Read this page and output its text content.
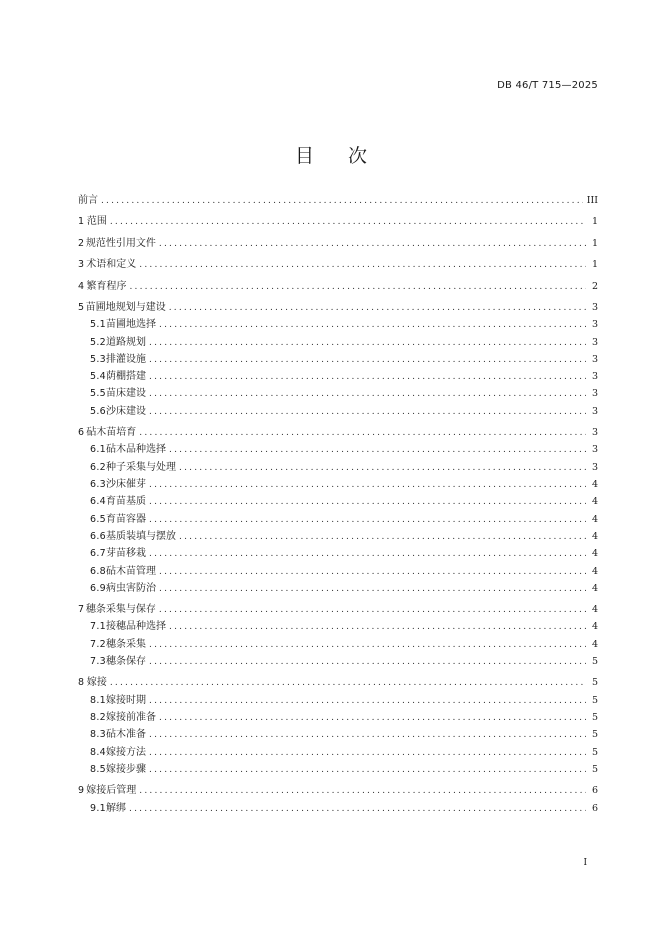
DB 46/T 715—2025
目 次
前言 .....	III
1 范围 .....	1
2 规范性引用文件 .....	1
3 术语和定义 .....	1
4 繁育程序 .....	2
5 苗圃地规划与建设 .....	3
5.1 苗圃地选择 .....	3
5.2 道路规划 .....	3
5.3 排灌设施 .....	3
5.4 荫棚搭建 .....	3
5.5 苗床建设 .....	3
5.6 沙床建设 .....	3
6 砧木苗培育 .....	3
6.1 砧木品种选择 .....	3
6.2 种子采集与处理 .....	3
6.3 沙床催芽 .....	4
6.4 育苗基质 .....	4
6.5 育苗容器 .....	4
6.6 基质装填与摆放 .....	4
6.7 芽苗移栽 .....	4
6.8 砧木苗管理 .....	4
6.9 病虫害防治 .....	4
7 穗条采集与保存 .....	4
7.1 接穗品种选择 .....	4
7.2 穗条采集 .....	4
7.3 穗条保存 .....	5
8 嫁接 .....	5
8.1 嫁接时期 .....	5
8.2 嫁接前准备 .....	5
8.3 砧木准备 .....	5
8.4 嫁接方法 .....	5
8.5 嫁接步骤 .....	5
9 嫁接后管理 .....	6
9.1 解绑 .....	6
I
